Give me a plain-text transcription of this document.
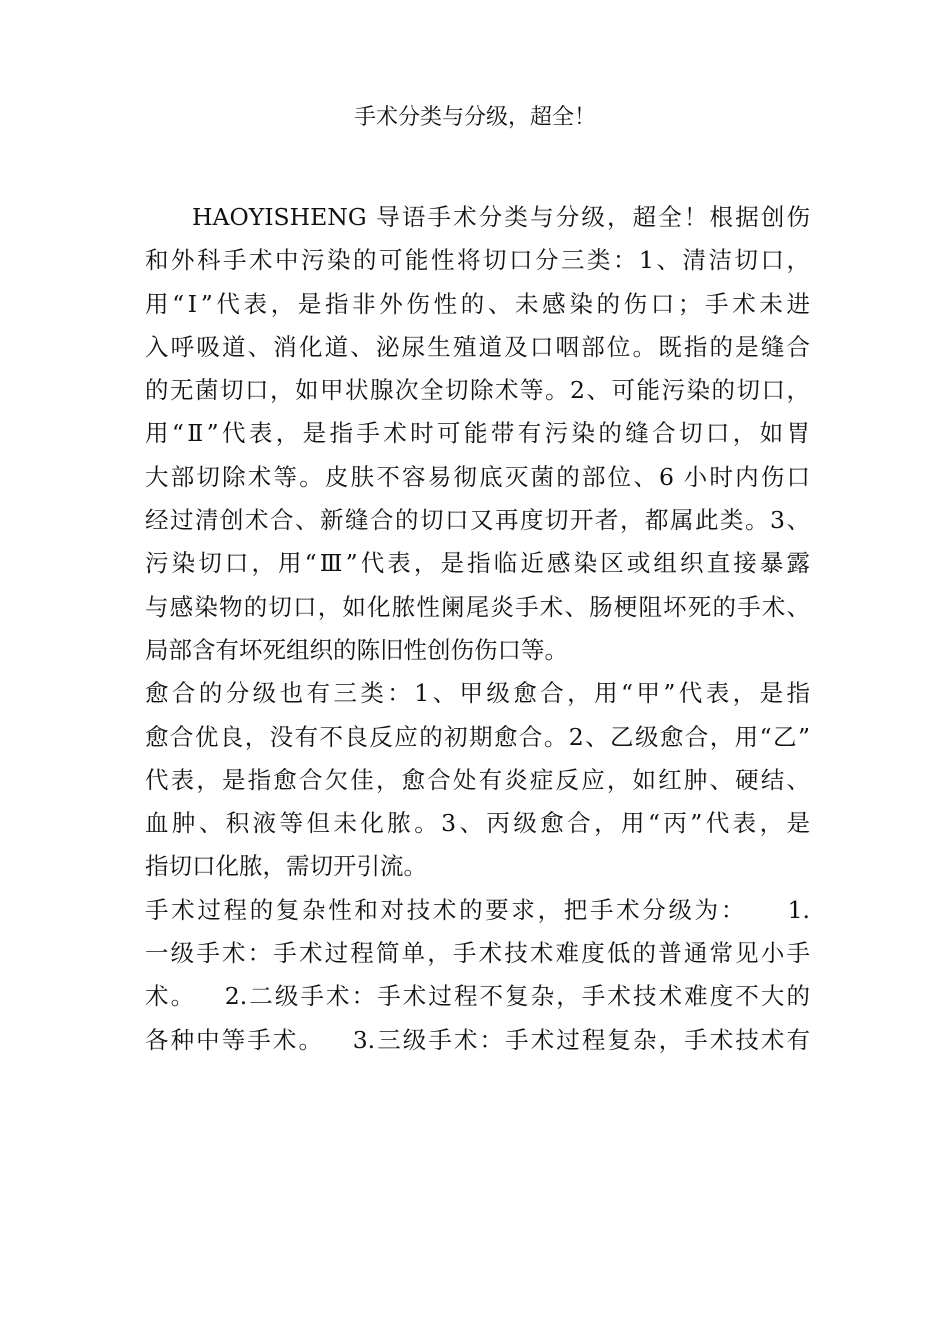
手术分类与分级，超全！
HAOYISHENG 导语手术分类与分级，超全！根据创伤
和外科手术中污染的可能性将切口分三类：1、清洁切口，
用“Ⅰ”代表，是指非外伤性的、未感染的伤口；手术未进
入呼吸道、消化道、泌尿生殖道及口咽部位。既指的是缝合
的无菌切口，如甲状腺次全切除术等。2、可能污染的切口，
用“Ⅱ”代表，是指手术时可能带有污染的缝合切口，如胃
大部切除术等。皮肤不容易彻底灭菌的部位、6 小时内伤口
经过清创术合、新缝合的切口又再度切开者，都属此类。3、
污染切口，用“Ⅲ”代表，是指临近感染区或组织直接暴露
与感染物的切口，如化脓性阑尾炎手术、肠梗阻坏死的手术、
局部含有坏死组织的陈旧性创伤伤口等。
愈合的分级也有三类：1、甲级愈合，用“甲”代表，是指
愈合优良，没有不良反应的初期愈合。2、乙级愈合，用“乙”
代表，是指愈合欠佳，愈合处有炎症反应，如红肿、硬结、
血肿、积液等但未化脓。3、丙级愈合，用“丙”代表，是
指切口化脓，需切开引流。
手术过程的复杂性和对技术的要求，把手术分级为：    1.
一级手术：手术过程简单，手术技术难度低的普通常见小手
术。   2.二级手术：手术过程不复杂，手术技术难度不大的
各种中等手术。   3.三级手术：手术过程复杂，手术技术有
